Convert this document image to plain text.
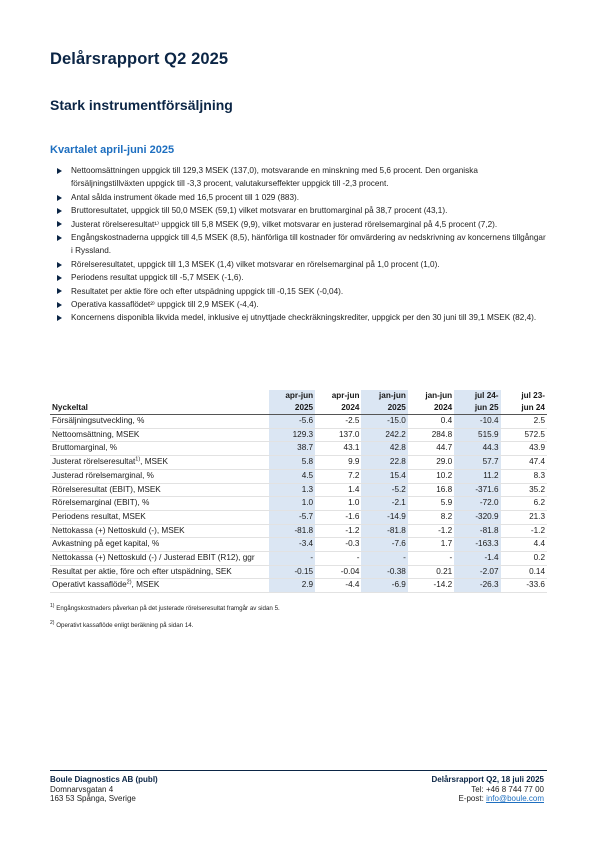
Delårsrapport Q2 2025
Stark instrumentförsäljning
Kvartalet april-juni 2025
Nettoomsättningen uppgick till 129,3 MSEK (137,0), motsvarande en minskning med 5,6 procent. Den organiska försäljningstillväxten uppgick till -3,3 procent, valutakurseffekter uppgick till -2,3 procent.
Antal sålda instrument ökade med 16,5 procent till 1 029 (883).
Bruttoresultatet, uppgick till 50,0 MSEK (59,1) vilket motsvarar en bruttomarginal på 38,7 procent (43,1).
Justerat rörelseresultat¹⁾ uppgick till 5,8 MSEK (9,9), vilket motsvarar en justerad rörelsemarginal på 4,5 procent (7,2).
Engångskostnaderna uppgick till 4,5 MSEK (8,5), hänförliga till kostnader för omvärdering av nedskrivning av koncernens tillgångar i Ryssland.
Rörelseresultatet, uppgick till 1,3 MSEK (1,4) vilket motsvarar en rörelsemarginal på 1,0 procent (1,0).
Periodens resultat uppgick till -5,7 MSEK (-1,6).
Resultatet per aktie före och efter utspädning uppgick till -0,15 SEK (-0,04).
Operativa kassaflödet²⁾ uppgick till 2,9 MSEK (-4,4).
Koncernens disponibla likvida medel, inklusive ej utnyttjade checkräkningskrediter, uppgick per den 30 juni till 39,1 MSEK (82,4).
	apr-jun	apr-jun	jan-jun	jan-jun	jul 24-	jul 23-
Nyckeltal	2025	2024	2025	2024	jun 25	jun 24
Försäljningsutveckling, %	-5.6	-2.5	-15.0	0.4	-10.4	2.5
Nettoomsättning, MSEK	129.3	137.0	242.2	284.8	515.9	572.5
Bruttomarginal, %	38.7	43.1	42.8	44.7	44.3	43.9
Justerat rörelseresultat$^{1)}$, MSEK	5.8	9.9	22.8	29.0	57.7	47.4
Justerad rörelsemarginal, %	4.5	7.2	15.4	10.2	11.2	8.3
Rörelseresultat (EBIT), MSEK	1.3	1.4	-5.2	16.8	-371.6	35.2
Rörelsemarginal (EBIT), %	1.0	1.0	-2.1	5.9	-72.0	6.2
Periodens resultat, MSEK	-5.7	-1.6	-14.9	8.2	-320.9	21.3
Nettokassa (+) Nettoskuld (-), MSEK	-81.8	-1.2	-81.8	-1.2	-81.8	-1.2
Avkastning på eget kapital, %	-3.4	-0.3	-7.6	1.7	-163.3	4.4
Nettokassa (+) Nettoskuld (-) / Justerad EBIT (R12), ggr	-	-	-	-	-1.4	0.2
Resultat per aktie, före och efter utspädning, SEK	-0.15	-0.04	-0.38	0.21	-2.07	0.14
Operativt kassaflöde$^{2)}$, MSEK	2.9	-4.4	-6.9	-14.2	-26.3	-33.6
$^{1)}$ Engångskostnaders påverkan på det justerade rörelseresultat framgår av sidan 5.
$^{2)}$ Operativt kassaflöde enligt beräkning på sidan 14.
Boule Diagnostics AB (publ)
Domnarvsgatan 4
163 53 Spånga, Sverige
Delårsrapport Q2, 18 juli 2025
Tel: +46 8 744 77 00
E-post: info@boule.com
